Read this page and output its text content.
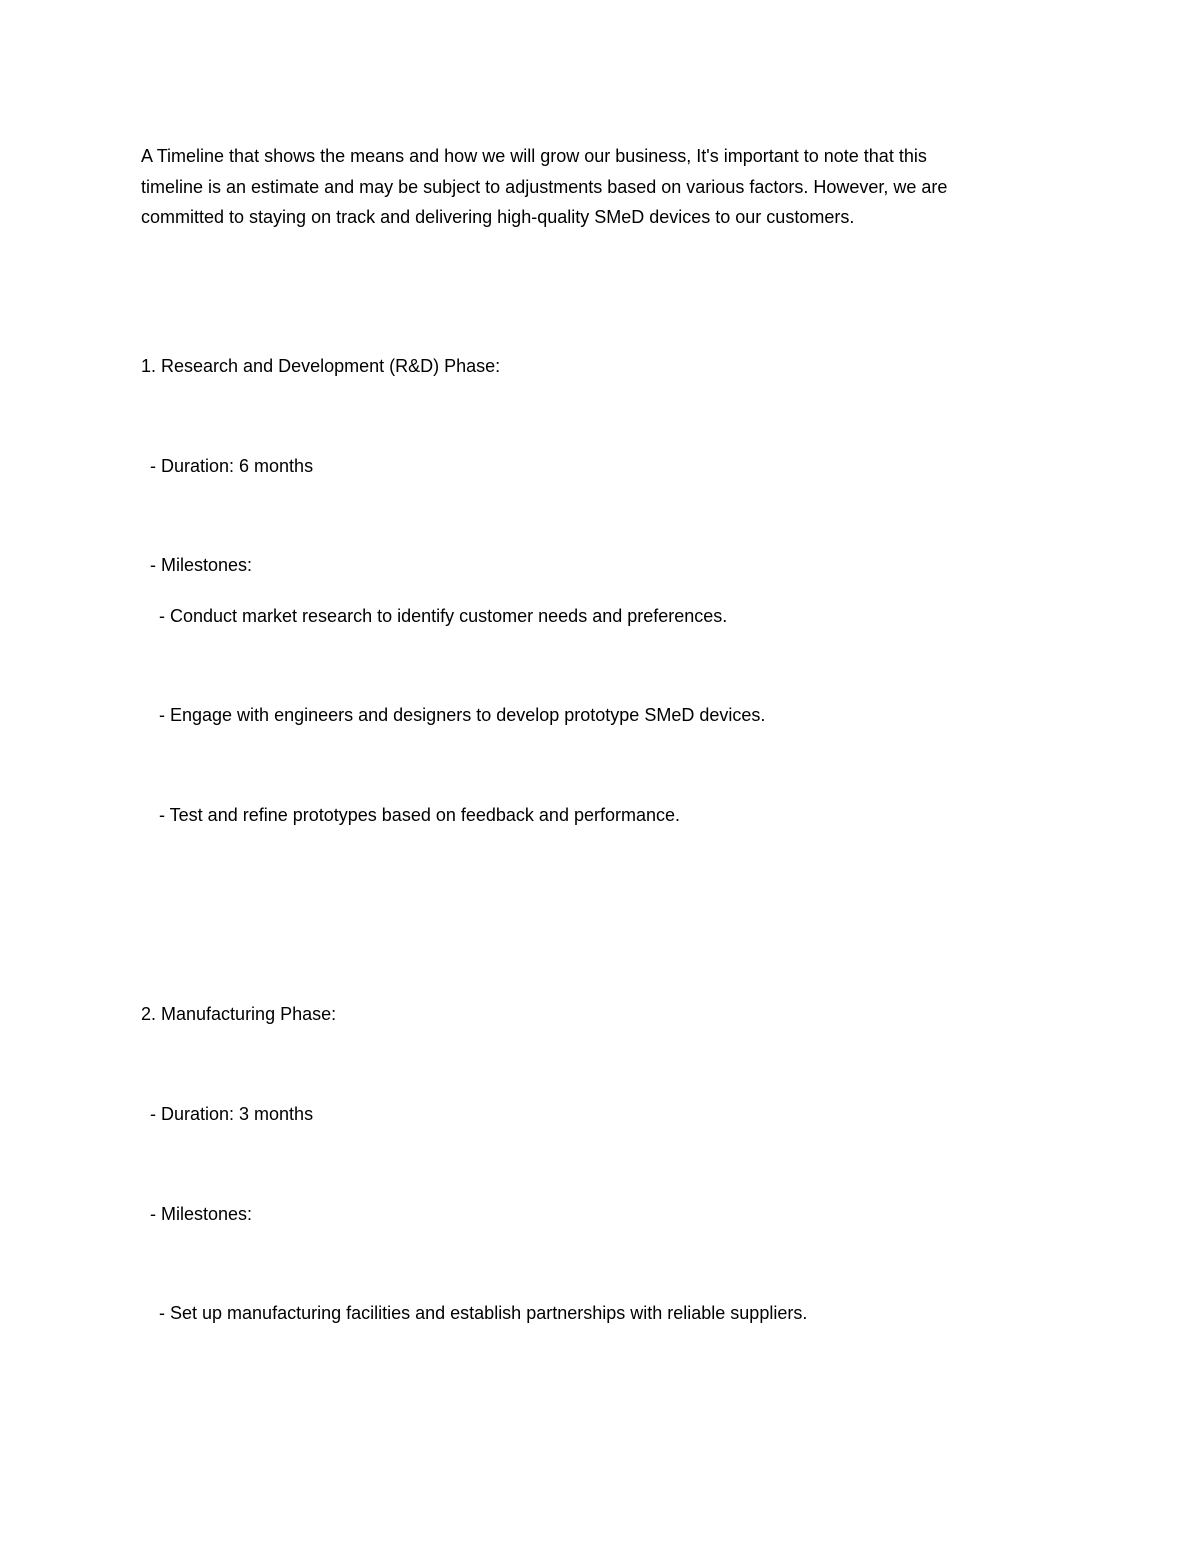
A Timeline that shows the means and how we will grow our business, It's important to note that this
timeline is an estimate and may be subject to adjustments based on various factors. However, we are
committed to staying on track and delivering high-quality SMeD devices to our customers.
1. Research and Development (R&D) Phase:
- Duration: 6 months
- Milestones:
- Conduct market research to identify customer needs and preferences.
- Engage with engineers and designers to develop prototype SMeD devices.
- Test and refine prototypes based on feedback and performance.
2. Manufacturing Phase:
- Duration: 3 months
- Milestones:
- Set up manufacturing facilities and establish partnerships with reliable suppliers.
